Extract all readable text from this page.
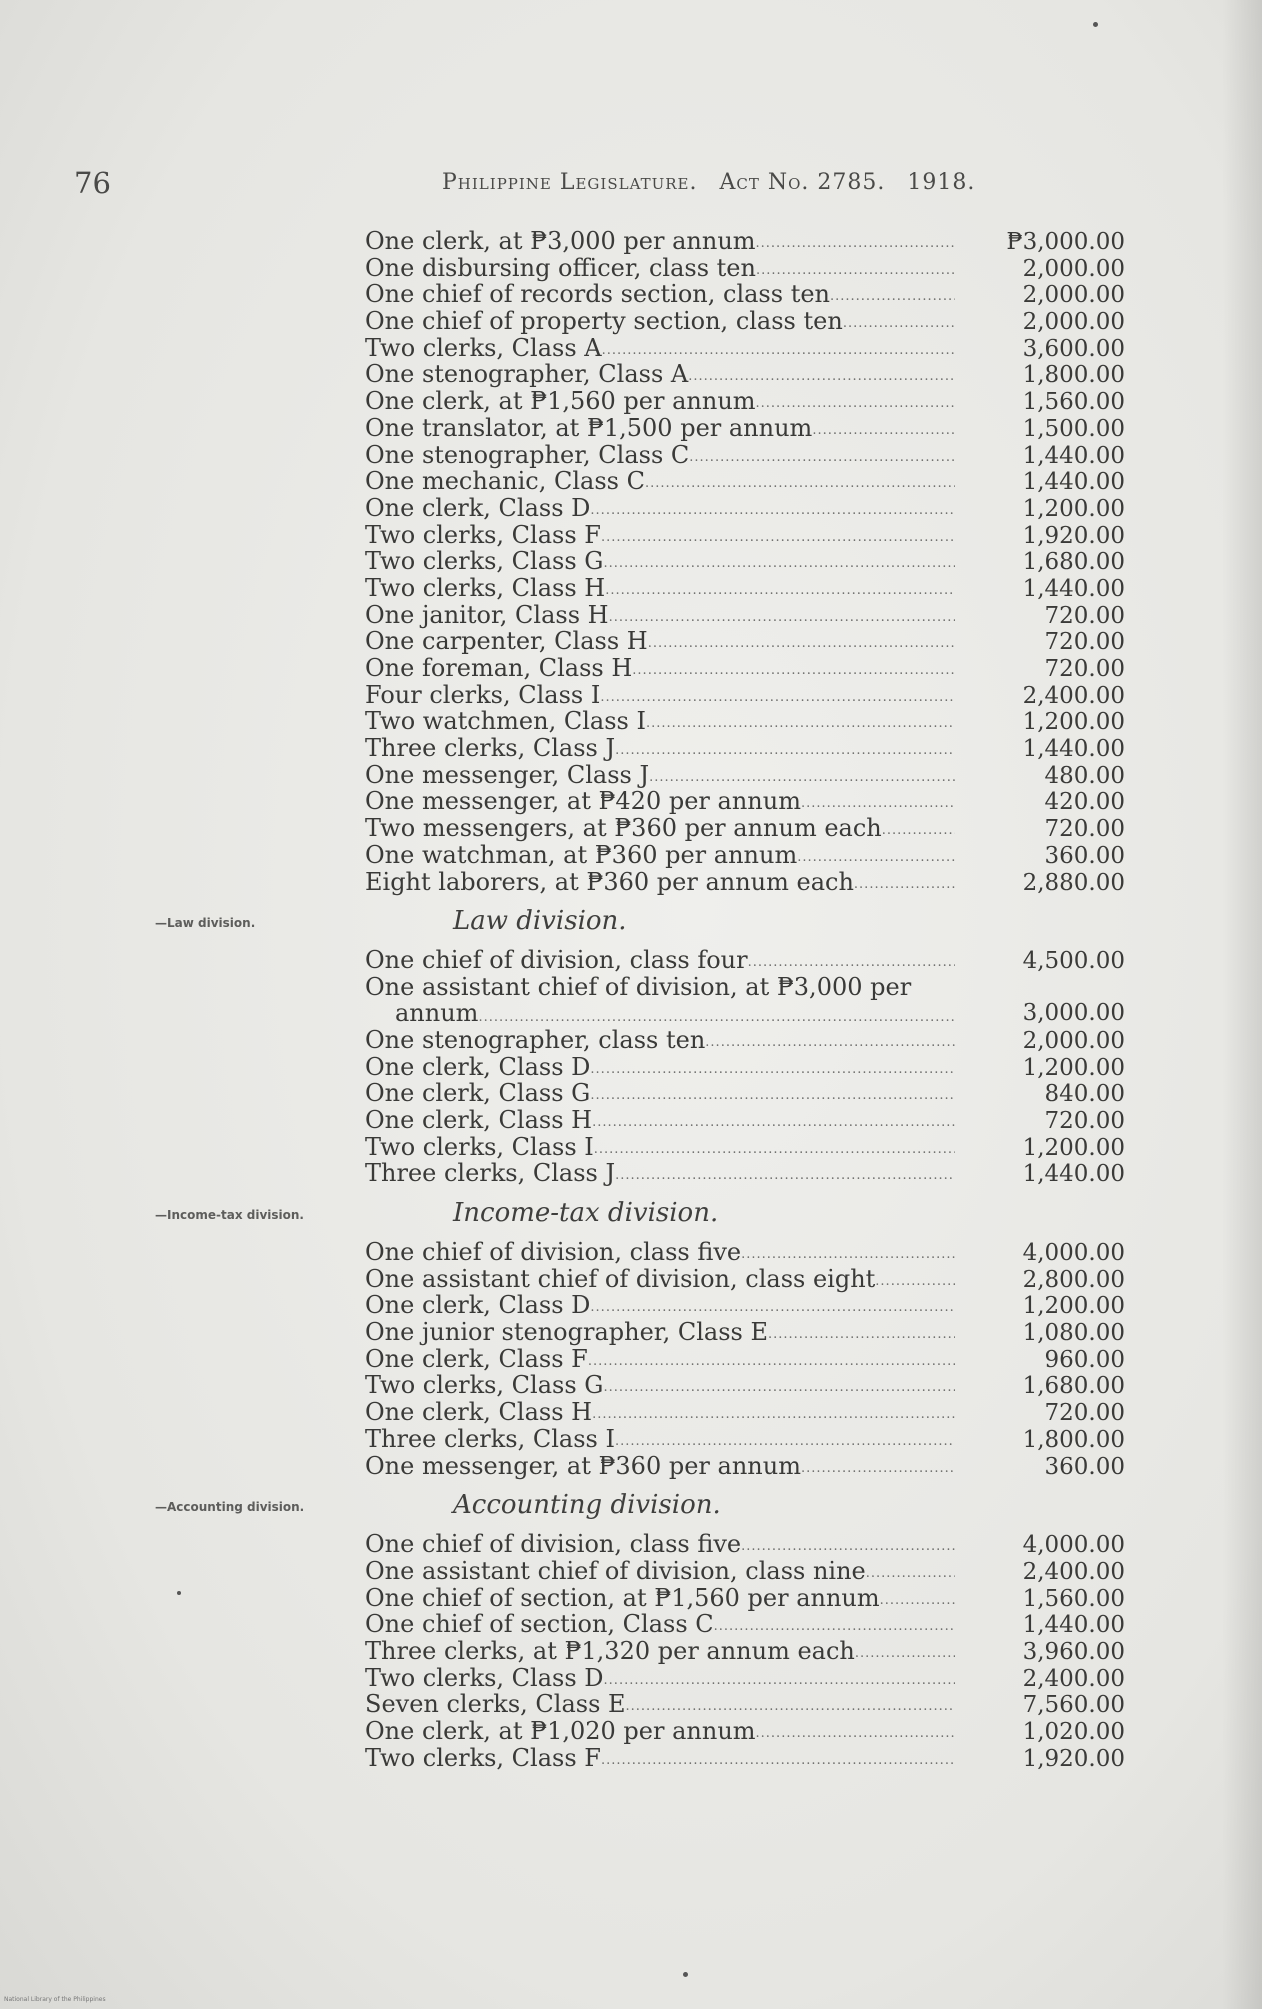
76	Philippine Legislature. Act No. 2785. 1918.
—Law division.
—Income-tax division.
—Accounting division.
One clerk, at ₱3,000 per annum .....	₱3,000.00
One disbursing officer, class ten .....	2,000.00
One chief of records section, class ten .....	2,000.00
One chief of property section, class ten .....	2,000.00
Two clerks, Class A .....	3,600.00
One stenographer, Class A .....	1,800.00
One clerk, at ₱1,560 per annum .....	1,560.00
One translator, at ₱1,500 per annum .....	1,500.00
One stenographer, Class C .....	1,440.00
One mechanic, Class C .....	1,440.00
One clerk, Class D .....	1,200.00
Two clerks, Class F .....	1,920.00
Two clerks, Class G .....	1,680.00
Two clerks, Class H .....	1,440.00
One janitor, Class H .....	720.00
One carpenter, Class H .....	720.00
One foreman, Class H .....	720.00
Four clerks, Class I .....	2,400.00
Two watchmen, Class I .....	1,200.00
Three clerks, Class J .....	1,440.00
One messenger, Class J .....	480.00
One messenger, at ₱420 per annum .....	420.00
Two messengers, at ₱360 per annum each .....	720.00
One watchman, at ₱360 per annum .....	360.00
Eight laborers, at ₱360 per annum each .....	2,880.00
Law division.
One chief of division, class four .....	4,500.00
One assistant chief of division, at ₱3,000 per
annum .....	3,000.00
One stenographer, class ten .....	2,000.00
One clerk, Class D .....	1,200.00
One clerk, Class G .....	840.00
One clerk, Class H .....	720.00
Two clerks, Class I .....	1,200.00
Three clerks, Class J .....	1,440.00
Income-tax division.
One chief of division, class five .....	4,000.00
One assistant chief of division, class eight .....	2,800.00
One clerk, Class D .....	1,200.00
One junior stenographer, Class E .....	1,080.00
One clerk, Class F .....	960.00
Two clerks, Class G .....	1,680.00
One clerk, Class H .....	720.00
Three clerks, Class I .....	1,800.00
One messenger, at ₱360 per annum .....	360.00
Accounting division.
One chief of division, class five .....	4,000.00
One assistant chief of division, class nine .....	2,400.00
One chief of section, at ₱1,560 per annum .....	1,560.00
One chief of section, Class C .....	1,440.00
Three clerks, at ₱1,320 per annum each .....	3,960.00
Two clerks, Class D .....	2,400.00
Seven clerks, Class E .....	7,560.00
One clerk, at ₱1,020 per annum .....	1,020.00
Two clerks, Class F .....	1,920.00
National Library of the Philippines
